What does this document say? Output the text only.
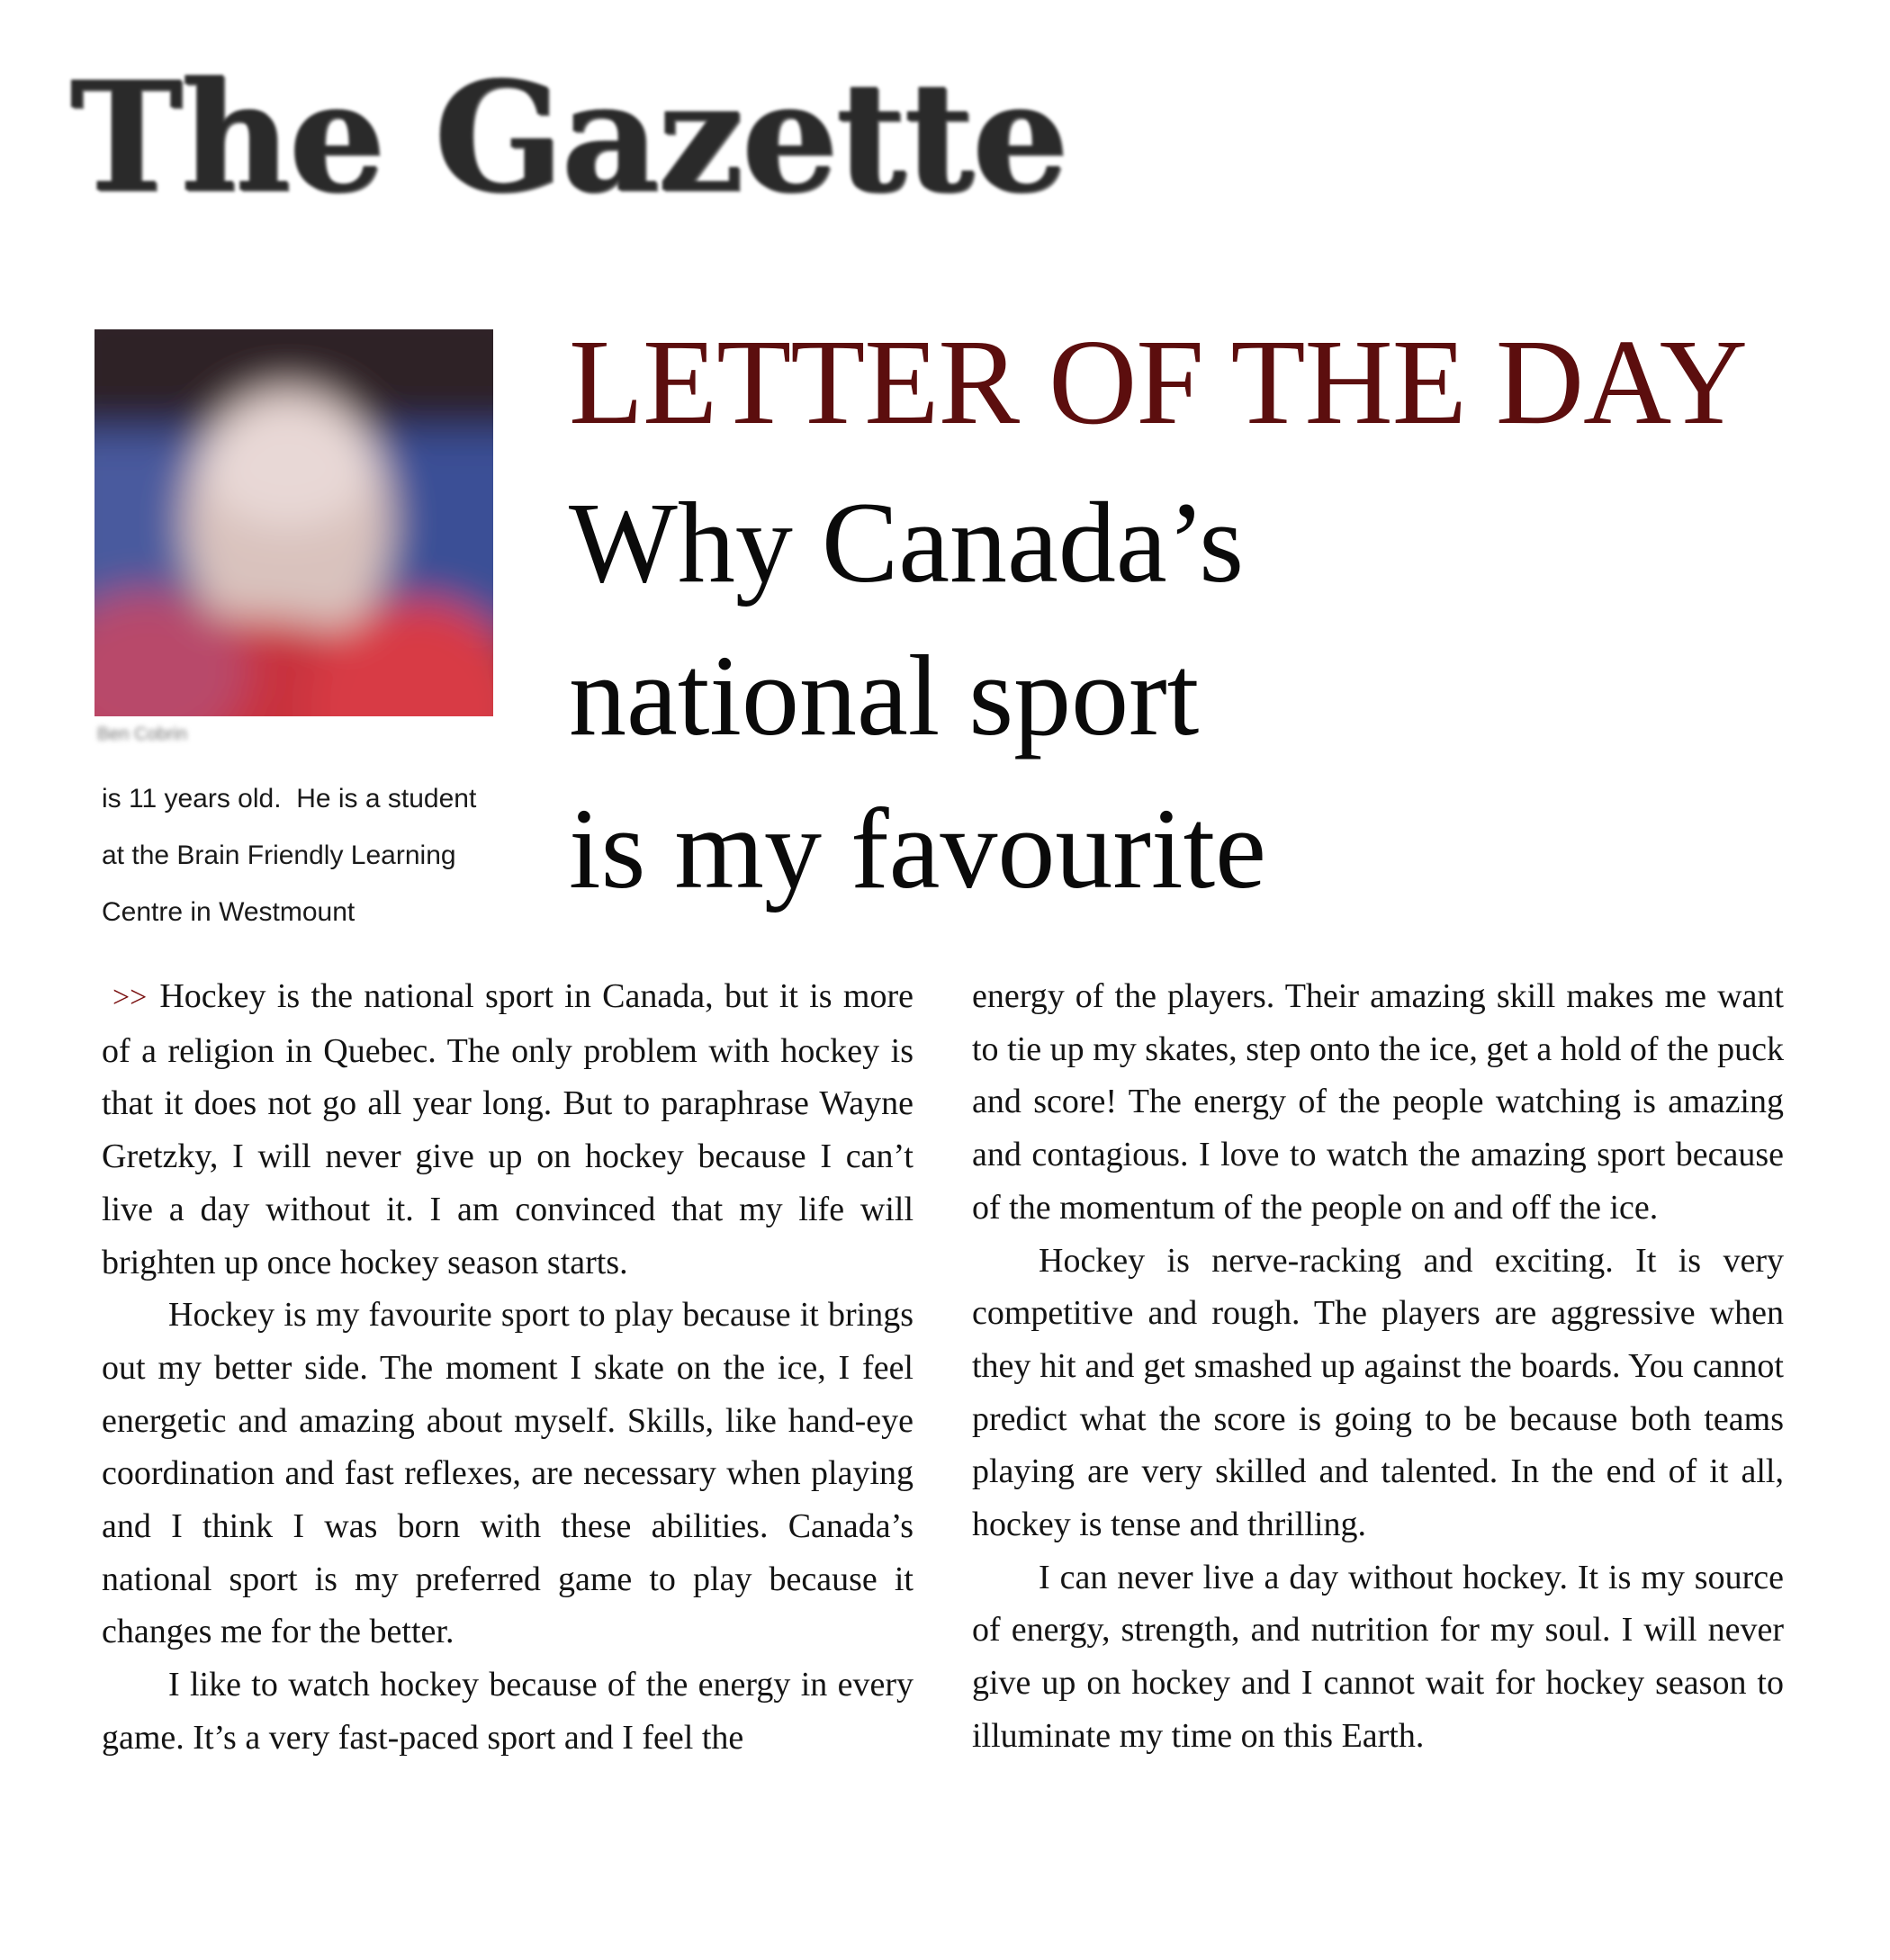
The Gazette
Ben Cobrin
is 11 years old.  He is a student
at the Brain Friendly Learning
Centre in Westmount
LETTER OF THE DAY
Why Canada’s
national sport
is my favourite

>> Hockey is the national sport in Canada, but it is more of a religion in Quebec. The only problem with hockey is that it does not go all year long. But to paraphrase Wayne Gretzky, I will never give up on hockey because I can’t live a day without it. I am convinced that my life will brighten up once hockey season starts.

Hockey is my favourite sport to play because it brings out my better side. The moment I skate on the ice, I feel energetic and amazing about myself. Skills, like hand-eye coordination and fast reflexes, are necessary when playing and I think I was born with these abilities. Canada’s national sport is my preferred game to play because it changes me for the better.

I like to watch hockey because of the energy in every game. It’s a very fast-paced sport and I feel the

energy of the players. Their amazing skill makes me want to tie up my skates, step onto the ice, get a hold of the puck and score! The energy of the people watching is amazing and contagious. I love to watch the amazing sport because of the momentum of the people on and off the ice.

Hockey is nerve-racking and exciting. It is very competitive and rough. The players are aggressive when they hit and get smashed up against the boards. You cannot predict what the score is going to be because both teams playing are very skilled and talented. In the end of it all, hockey is tense and thrilling.

I can never live a day without hockey. It is my source of energy, strength, and nutrition for my soul. I will never give up on hockey and I cannot wait for hockey season to illuminate my time on this Earth.
